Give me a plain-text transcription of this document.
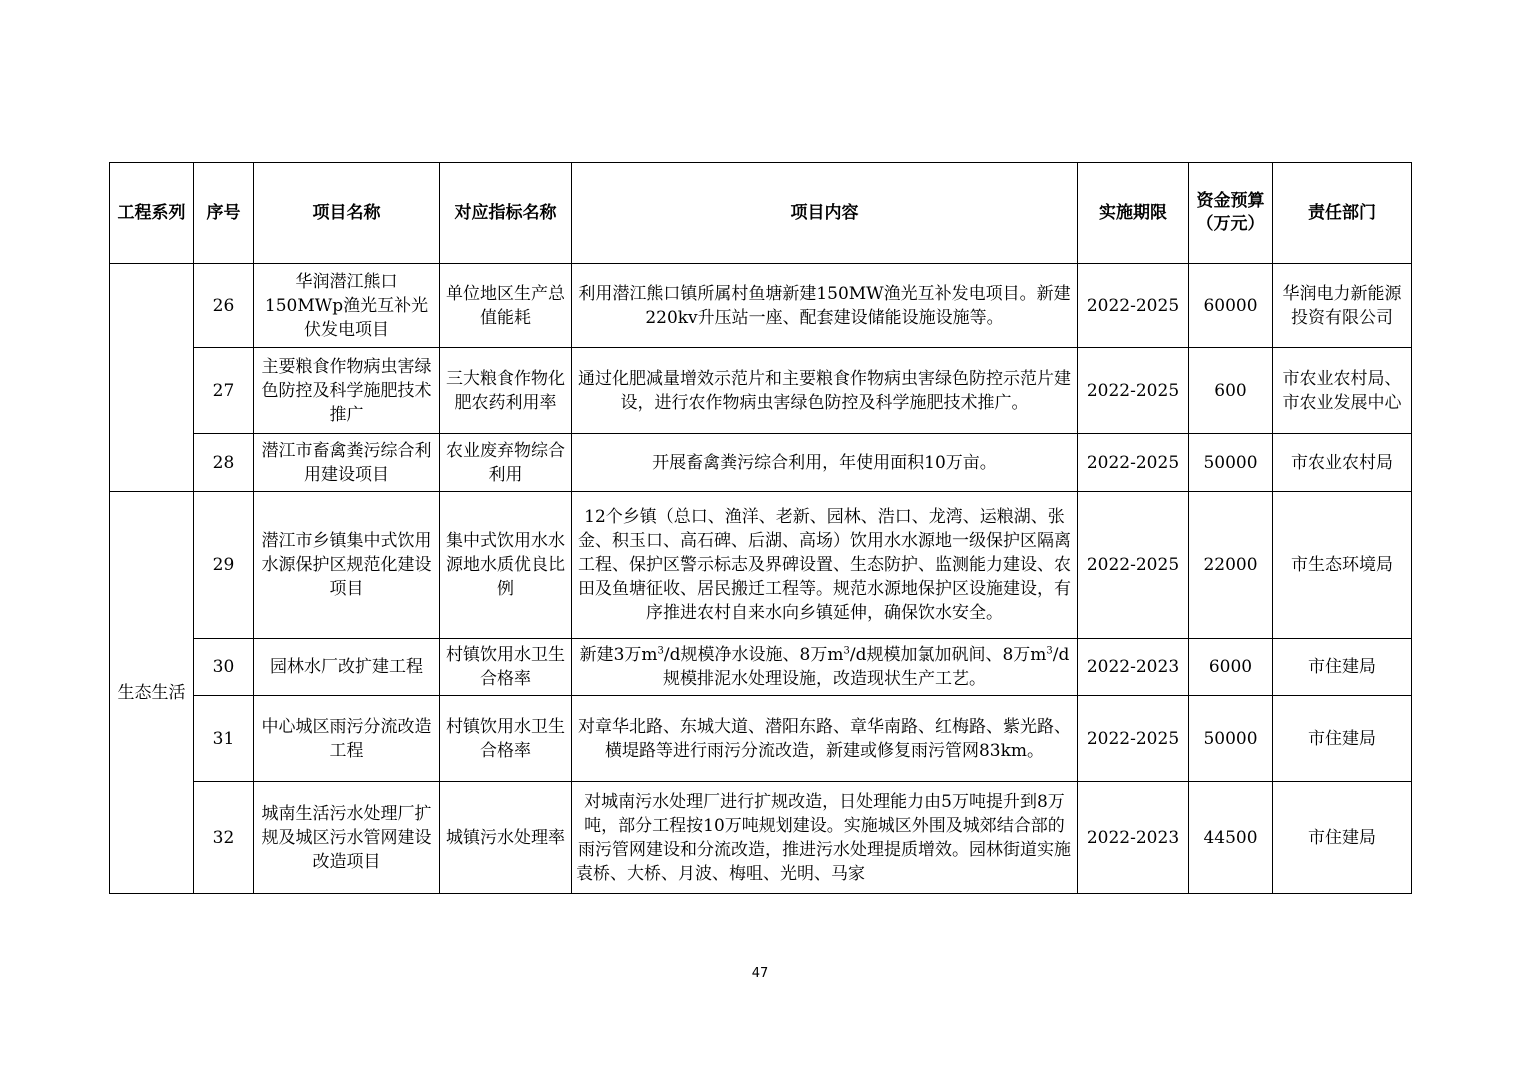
工程系列	序号	项目名称	对应指标名称	项目内容	实施期限	资金预算（万元）	责任部门
	26	华润潜江熊口150MWp渔光互补光伏发电项目	单位地区生产总值能耗	利用潜江熊口镇所属村鱼塘新建150MW渔光互补发电项目。新建220kv升压站一座、配套建设储能设施设施等。	2022-2025	60000	华润电力新能源投资有限公司
	27	主要粮食作物病虫害绿色防控及科学施肥技术推广	三大粮食作物化肥农药利用率	通过化肥减量增效示范片和主要粮食作物病虫害绿色防控示范片建设，进行农作物病虫害绿色防控及科学施肥技术推广。	2022-2025	600	市农业农村局、市农业发展中心
	28	潜江市畜禽粪污综合利用建设项目	农业废弃物综合利用	开展畜禽粪污综合利用，年使用面积10万亩。	2022-2025	50000	市农业农村局
生态生活	29	潜江市乡镇集中式饮用水源保护区规范化建设项目	集中式饮用水水源地水质优良比例	12个乡镇（总口、渔洋、老新、园林、浩口、龙湾、运粮湖、张金、积玉口、高石碑、后湖、高场）饮用水水源地一级保护区隔离工程、保护区警示标志及界碑设置、生态防护、监测能力建设、农田及鱼塘征收、居民搬迁工程等。规范水源地保护区设施建设，有序推进农村自来水向乡镇延伸，确保饮水安全。	2022-2025	22000	市生态环境局
	30	园林水厂改扩建工程	村镇饮用水卫生合格率	新建3万$m^3/d$规模净水设施、8万$m^3/d$规模加氯加矾间、8万$m^3/d$规模排泥水处理设施，改造现状生产工艺。	2022-2023	6000	市住建局
	31	中心城区雨污分流改造工程	村镇饮用水卫生合格率	对章华北路、东城大道、潜阳东路、章华南路、红梅路、紫光路、横堤路等进行雨污分流改造，新建或修复雨污管网83km。	2022-2025	50000	市住建局
	32	城南生活污水处理厂扩规及城区污水管网建设改造项目	城镇污水处理率	对城南污水处理厂进行扩规改造，日处理能力由5万吨提升到8万吨，部分工程按10万吨规划建设。实施城区外围及城郊结合部的雨污管网建设和分流改造，推进污水处理提质增效。园林街道实施袁桥、大桥、月波、梅咀、光明、马家	2022-2023	44500	市住建局
47
